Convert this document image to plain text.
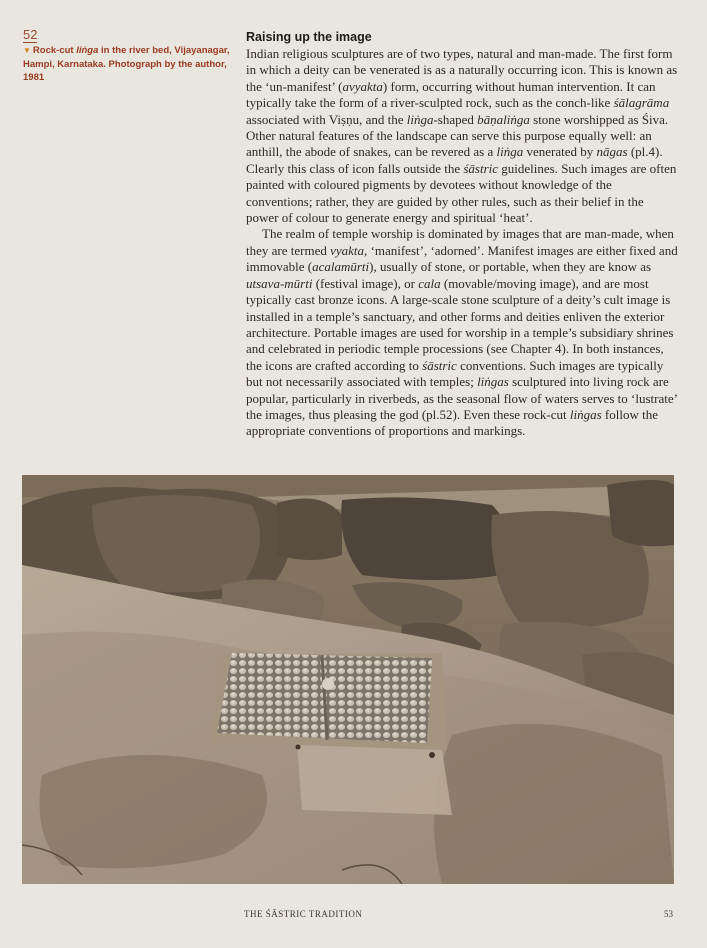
52
▼ Rock-cut liṅga in the river bed, Vijayanagar, Hampi, Karnataka. Photograph by the author, 1981
Raising up the image

Indian religious sculptures are of two types, natural and man-made. The first form in which a deity can be venerated is as a naturally occurring icon. This is known as the ‘un-manifest’ (avyakta) form, occurring without human intervention. It can typically take the form of a river-sculpted rock, such as the conch-like śālagrāma associated with Viṣṇu, and the liṅga-shaped bāṇaliṅga stone worshipped as Śiva. Other natural features of the landscape can serve this purpose equally well: an anthill, the abode of snakes, can be revered as a liṅga venerated by nāgas (pl.4). Clearly this class of icon falls outside the śāstric guidelines. Such images are often painted with coloured pigments by devotees without knowledge of the conventions; rather, they are guided by other rules, such as their belief in the power of colour to generate energy and spiritual ‘heat’.

The realm of temple worship is dominated by images that are man-made, when they are termed vyakta, ‘manifest’, ‘adorned’. Manifest images are either fixed and immovable (acalamūrti), usually of stone, or portable, when they are know as utsava-mūrti (festival image), or cala (movable/moving image), and are most typically cast bronze icons. A large-scale stone sculpture of a deity’s cult image is installed in a temple’s sanctuary, and other forms and deities enliven the exterior architecture. Portable images are used for worship in a temple’s subsidiary shrines and celebrated in periodic temple processions (see Chapter 4). In both instances, the icons are crafted according to śāstric conventions. Such images are typically but not necessarily associated with temples; liṅgas sculptured into living rock are popular, particularly in riverbeds, as the seasonal flow of waters serves to ‘lustrate’ the images, thus pleasing the god (pl.52). Even these rock-cut liṅgas follow the appropriate conventions of proportions and markings.

THE ŚĀSTRIC TRADITION	53
